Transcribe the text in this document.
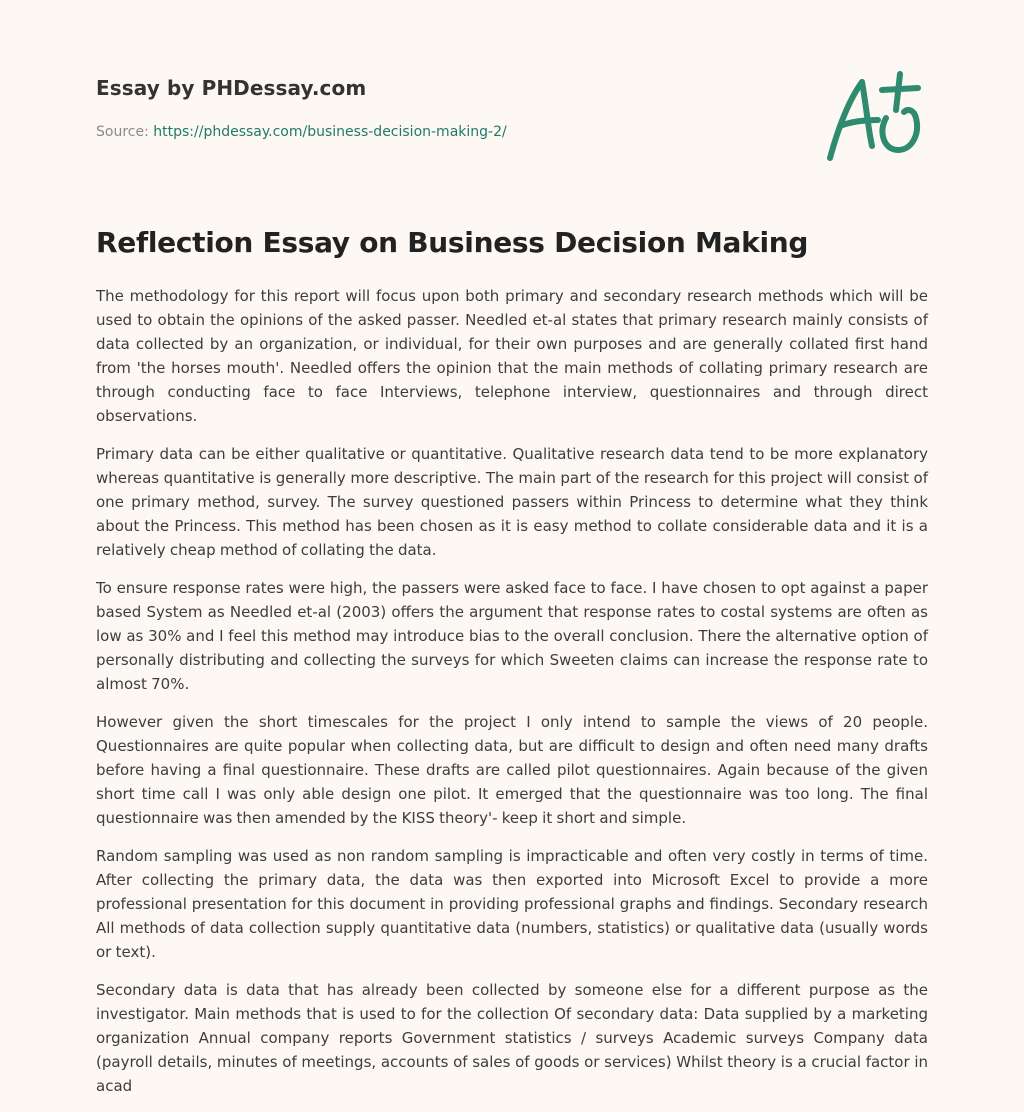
Essay by PHDessay.com
Source: https://phdessay.com/business-decision-making-2/
Reflection Essay on Business Decision Making

The methodology for this report will focus upon both primary and secondary research methods which will be used to obtain the opinions of the asked passer. Needled et-al states that primary research mainly consists of data collected by an organization, or individual, for their own purposes and are generally collated first hand from 'the horses mouth'. Needled offers the opinion that the main methods of collating primary research are through conducting face to face Interviews, telephone interview, questionnaires and through direct observations.

Primary data can be either qualitative or quantitative. Qualitative research data tend to be more explanatory whereas quantitative is generally more descriptive. The main part of the research for this project will consist of one primary method, survey. The survey questioned passers within Princess to determine what they think about the Princess. This method has been chosen as it is easy method to collate considerable data and it is a relatively cheap method of collating the data.

To ensure response rates were high, the passers were asked face to face. I have chosen to opt against a paper based System as Needled et-al (2003) offers the argument that response rates to costal systems are often as low as 30% and I feel this method may introduce bias to the overall conclusion. There the alternative option of personally distributing and collecting the surveys for which Sweeten claims can increase the response rate to almost 70%.

However given the short timescales for the project I only intend to sample the views of 20 people. Questionnaires are quite popular when collecting data, but are difficult to design and often need many drafts before having a final questionnaire. These drafts are called pilot questionnaires. Again because of the given short time call I was only able design one pilot. It emerged that the questionnaire was too long. The final questionnaire was then amended by the KISS theory'- keep it short and simple.

Random sampling was used as non random sampling is impracticable and often very costly in terms of time. After collecting the primary data, the data was then exported into Microsoft Excel to provide a more professional presentation for this document in providing professional graphs and findings. Secondary research All methods of data collection supply quantitative data (numbers, statistics) or qualitative data (usually words or text).

Secondary data is data that has already been collected by someone else for a different purpose as the investigator. Main methods that is used to for the collection Of secondary data: Data supplied by a marketing organization Annual company reports Government statistics / surveys Academic surveys Company data (payroll details, minutes of meetings, accounts of sales of goods or services) Whilst theory is a crucial factor in acad
